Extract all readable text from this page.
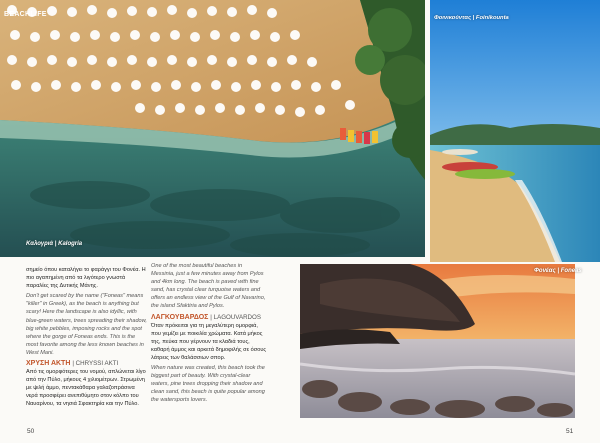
BEACHLIFE
Καλογριά | Kalogria
Φοινικούντας | Foinikounta
Φονέας | Foneas

σημείο όπου καταλήγει το φαράγγι του Φονέα. Η πιο αγαπημένη από τα λιγότερο γνωστά παραλίες της Δυτικής Μάνης.

Don't get scared by the name ("Foneas" means "killer" in Greek), as the beach is anything but scary! Here the landscape is also idyllic, with blue-green waters, trees spreading their shadow, big white pebbles, imposing rocks and the spot where the gorge of Foneas ends. This is the most favorite among the less known beaches in West Mani.

ΧΡΥΣΗ ΑΚΤΗ | CHRYSSI AKTI

Από τις ομορφότερες του νομού, απλώνεται λίγο από την Πύλο, μήκους 4 χιλιομέτρων. Στρωμένη με ψιλή άμμο, πεντακάθαρα γαλαζοπράσινα νερά προσφέρει ανεπιθύμητο στον κόλπο του Ναυαρίνου, τα νησιά Σφακτηρία και την Πύλο.

One of the most beautiful beaches in Messinia, just a few minutes away from Pylos and 4km long. The beach is paved with fine sand, has crystal clear turquoise waters and offers an endless view of the Gulf of Navarino, the island Sfaktiria and Pylos.

ΛΑΓΚΟΥΒΑΡΔΟΣ | LAGOUVARDOS

Όταν πρόκειται για τη μεγαλύτερη ομορφιά, που γεμίζει με ποικιλία χρώματα. Κατά μήκος της, πεύκα που γέρνουν τα κλαδιά τους, καθαρή άμμος και αρκετά δημοφιλής σε όσους λάτρεις των θαλάσσιων σπορ.

When nature was created, this beach took the biggest part of beauty. With crystal-clear waters, pine trees dropping their shadow and clean sand, this beach is quite popular among the watersports lovers.

50	51
